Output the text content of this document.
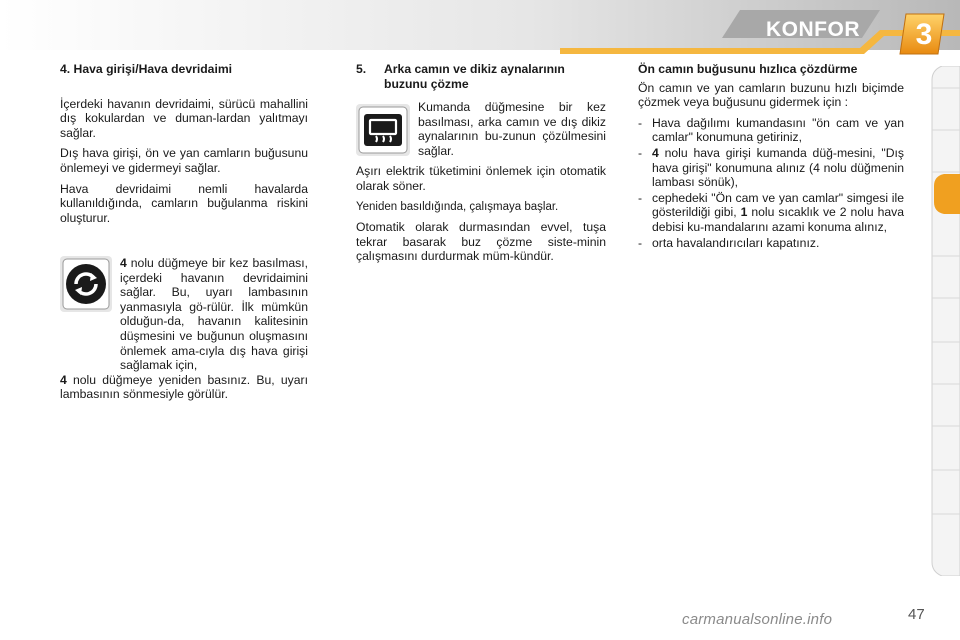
KONFOR	3
4. Hava girişi/Hava devridaimi

İçerdeki havanın devridaimi, sürücü mahallini dış kokulardan ve duman-lardan yalıtmayı sağlar.

Dış hava girişi, ön ve yan camların buğusunu önlemeyi ve gidermeyi sağlar.

Hava devridaimi nemli havalarda kullanıldığında, camların buğulanma riskini oluşturur.

4 nolu düğmeye bir kez basılması, içerdeki havanın devridaimini sağlar. Bu, uyarı lambasının yanmasıyla gö-rülür. İlk mümkün olduğun-da, havanın kalitesinin düşmesini ve buğunun oluşmasını önlemek ama-cıyla dış hava girişi sağlamak için,

4 nolu düğmeye yeniden basınız. Bu, uyarı lambasının sönmesiyle görülür.

5.	Arka camın ve dikiz aynalarının buzunu çözme

Kumanda düğmesine bir kez basılması, arka camın ve dış dikiz aynalarının bu-zunun çözülmesini sağlar.

Aşırı elektrik tüketimini önlemek için otomatik olarak söner.

Yeniden basıldığında, çalışmaya başlar.

Otomatik olarak durmasından evvel, tuşa tekrar basarak buz çözme siste-minin çalışmasını durdurmak müm-kündür.

Ön camın buğusunu hızlıca çözdürme

Ön camın ve yan camların buzunu hızlı biçimde çözmek veya buğusunu gidermek için :

- Hava dağılımı kumandasını "ön cam ve yan camlar" konumuna getiriniz,
- 4 nolu hava girişi kumanda düğ-mesini, "Dış hava girişi" konumuna alınız (4 nolu düğmenin lambası sönük),
- cephedeki "Ön cam ve yan camlar" simgesi ile gösterildiği gibi, 1 nolu sıcaklık ve 2 nolu hava debisi ku-mandalarını azami konuma alınız,
- orta havalandırıcıları kapatınız.
carmanualsonline.info	47
